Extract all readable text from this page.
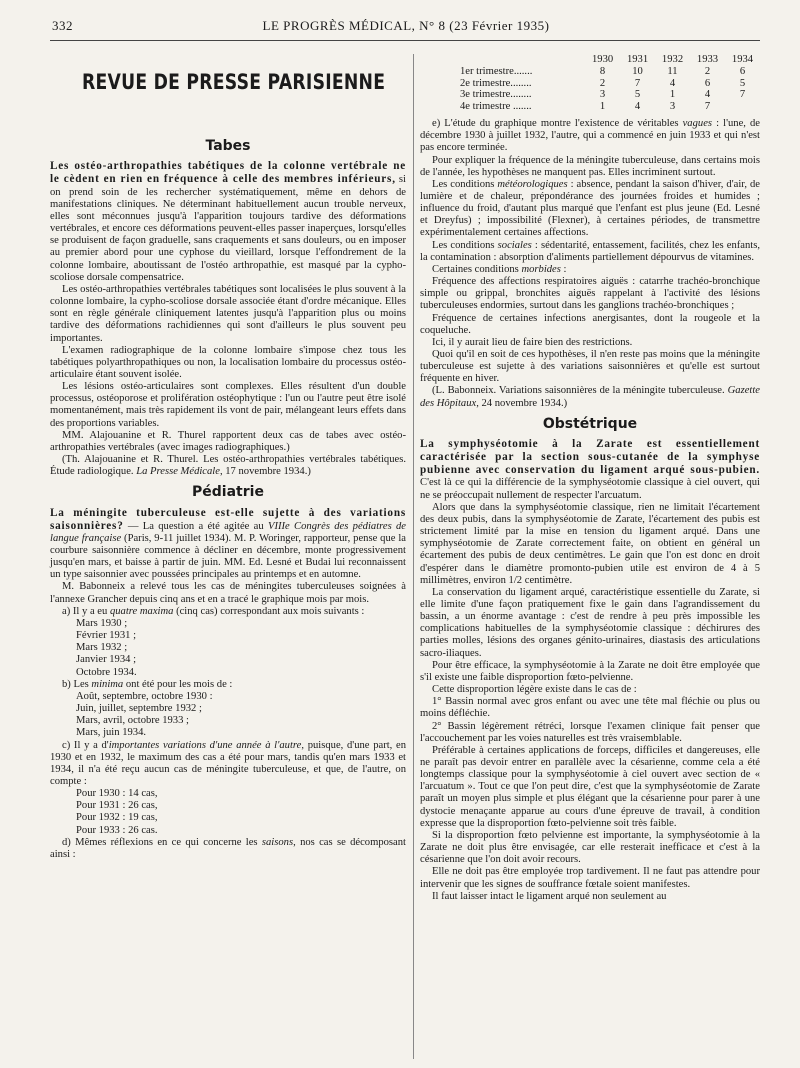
332	LE PROGRÈS MÉDICAL, N° 8 (23 Février 1935)
REVUE DE PRESSE PARISIENNE
Tabes

Les ostéo-arthropathies tabétiques de la colonne vertébrale ne le cèdent en rien en fréquence à celle des membres inférieurs, si on prend soin de les rechercher systématiquement, même en dehors de manifestations cliniques. Ne déterminant habituellement aucun trouble nerveux, elles sont méconnues jusqu'à l'apparition toujours tardive des déformations vertébrales, et encore ces déformations peuvent-elles passer inaperçues, lorsqu'elles se produisent de façon graduelle, sans craquements et sans douleurs, ou en imposer au premier abord pour une cyphose du vieillard, lorsque l'effondrement de la colonne lombaire, aboutissant de l'ostéo arthropathie, est masqué par la cypho-scoliose dorsale compensatrice.

Les ostéo-arthropathies vertébrales tabétiques sont localisées le plus souvent à la colonne lombaire, la cypho-scoliose dorsale associée étant d'ordre mécanique. Elles sont en règle générale cliniquement latentes jusqu'à l'apparition plus ou moins tardive des déformations rachidiennes qui sont d'ailleurs le plus souvent peu importantes.

L'examen radiographique de la colonne lombaire s'impose chez tous les tabétiques polyarthropathiques ou non, la localisation lombaire du processus ostéo-articulaire étant souvent isolée.

Les lésions ostéo-articulaires sont complexes. Elles résultent d'un double processus, ostéoporose et prolifération ostéophytique : l'un ou l'autre peut être isolé momentanément, mais très rapidement ils vont de pair, mélangeant leurs effets dans des proportions variables.

MM. Alajouanine et R. Thurel rapportent deux cas de tabes avec ostéo-arthropathies vertébrales (avec images radiographiques.)

(Th. Alajouanine et R. Thurel. Les ostéo-arthropathies vertébrales tabétiques. Étude radiologique. La Presse Médicale, 17 novembre 1934.)

Pédiatrie

La méningite tuberculeuse est-elle sujette à des variations saisonnières? — La question a été agitée au VIIIe Congrès des pédiatres de langue française (Paris, 9-11 juillet 1934). M. P. Woringer, rapporteur, pense que la courbure saisonnière commence à décliner en décembre, monte progressivement jusqu'en mars, et baisse à partir de juin. MM. Ed. Lesné et Budai lui reconnaissent un type saisonnier avec poussées principales au printemps et en automne.

M. Babonneix a relevé tous les cas de méningites tuberculeuses soignées à l'annexe Grancher depuis cinq ans et en a tracé le graphique mois par mois.

a) Il y a eu quatre maxima (cinq cas) correspondant aux mois suivants :

Mars 1930 ;

Février 1931 ;

Mars 1932 ;

Janvier 1934 ;

Octobre 1934.

b) Les minima ont été pour les mois de :

Août, septembre, octobre 1930 :

Juin, juillet, septembre 1932 ;

Mars, avril, octobre 1933 ;

Mars, juin 1934.

c) Il y a d'importantes variations d'une année à l'autre, puisque, d'une part, en 1930 et en 1932, le maximum des cas a été pour mars, tandis qu'en mars 1933 et 1934, il n'a été reçu aucun cas de méningite tuberculeuse, et que, de l'autre, on compte :

Pour 1930 : 14 cas,

Pour 1931 : 26 cas,

Pour 1932 : 19 cas,

Pour 1933 : 26 cas.

d) Mêmes réflexions en ce qui concerne les saisons, nos cas se décomposant ainsi :

	1930	1931	1932	1933	1934
1er trimestre.......	8	10	11	2	6
2e trimestre........	2	7	4	6	5
3e trimestre........	3	5	1	4	7
4e trimestre .......	1	4	3	7	

e) L'étude du graphique montre l'existence de véritables vagues : l'une, de décembre 1930 à juillet 1932, l'autre, qui a commencé en juin 1933 et qui n'est pas encore terminée.

Pour expliquer la fréquence de la méningite tuberculeuse, dans certains mois de l'année, les hypothèses ne manquent pas. Elles incriminent surtout.

Les conditions météorologiques : absence, pendant la saison d'hiver, d'air, de lumière et de chaleur, prépondérance des journées froides et humides ; influence du froid, d'autant plus marqué que l'enfant est plus jeune (Ed. Lesné et Dreyfus) ; impossibilité (Flexner), à certaines périodes, de transmettre expérimentalement certaines affections.

Les conditions sociales : sédentarité, entassement, facilités, chez les enfants, la contamination : absorption d'aliments partiellement dépourvus de vitamines.

Certaines conditions morbides :

Fréquence des affections respiratoires aiguës : catarrhe trachéo-bronchique simple ou grippal, bronchites aiguës rappelant à l'activité des lésions tuberculeuses endormies, surtout dans les ganglions trachéo-bronchiques ;

Fréquence de certaines infections anergisantes, dont la rougeole et la coqueluche.

Ici, il y aurait lieu de faire bien des restrictions.

Quoi qu'il en soit de ces hypothèses, il n'en reste pas moins que la méningite tuberculeuse est sujette à des variations saisonnières et qu'elle est surtout fréquente en hiver.

(L. Babonneix. Variations saisonnières de la méningite tuberculeuse. Gazette des Hôpitaux, 24 novembre 1934.)

Obstétrique

La symphyséotomie à la Zarate est essentiellement caractérisée par la section sous-cutanée de la symphyse pubienne avec conservation du ligament arqué sous-pubien. C'est là ce qui la différencie de la symphyséotomie classique à ciel ouvert, qui ne se préoccupait nullement de respecter l'arcuatum.

Alors que dans la symphyséotomie classique, rien ne limitait l'écartement des deux pubis, dans la symphyséotomie de Zarate, l'écartement des pubis est strictement limité par la mise en tension du ligament arqué. Dans une symphyséotomie de Zarate correctement faite, on obtient en général un écartement des pubis de deux centimètres. Le gain que l'on est donc en droit d'espérer dans le diamètre promonto-pubien utile est environ de 4 à 5 millimètres, environ 1/2 centimètre.

La conservation du ligament arqué, caractéristique essentielle du Zarate, si elle limite d'une façon pratiquement fixe le gain dans l'agrandissement du bassin, a un énorme avantage : c'est de rendre à peu près impossible les complications habituelles de la symphyséotomie classique : déchirures des parties molles, lésions des organes génito-urinaires, diastasis des articulations sacro-iliaques.

Pour être efficace, la symphyséotomie à la Zarate ne doit être employée que s'il existe une faible disproportion fœto-pelvienne.

Cette disproportion légère existe dans le cas de :

1° Bassin normal avec gros enfant ou avec une tête mal fléchie ou plus ou moins défléchie.

2° Bassin légèrement rétréci, lorsque l'examen clinique fait penser que l'accouchement par les voies naturelles est très vraisemblable.

Préférable à certaines applications de forceps, difficiles et dangereuses, elle ne paraît pas devoir entrer en parallèle avec la césarienne, comme cela a été longtemps classique pour la symphyséotomie à ciel ouvert avec section de « l'arcuatum ». Tout ce que l'on peut dire, c'est que la symphyséotomie de Zarate paraît un moyen plus simple et plus élégant que la césarienne pour parer à une dystocie menaçante apparue au cours d'une épreuve de travail, à condition expresse que la disproportion fœto-pelvienne soit très faible.

Si la disproportion fœto pelvienne est importante, la symphyséotomie à la Zarate ne doit plus être envisagée, car elle resterait inefficace et c'est à la césarienne que l'on doit avoir recours.

Elle ne doit pas être employée trop tardivement. Il ne faut pas attendre pour intervenir que les signes de souffrance fœtale soient manifestes.

Il faut laisser intact le ligament arqué non seulement au
